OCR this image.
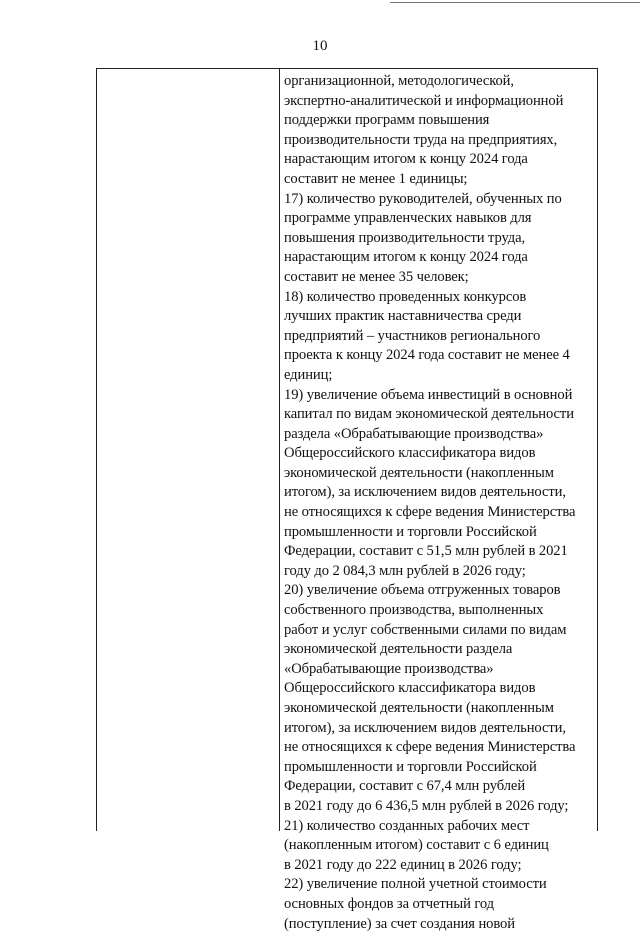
10
организационной, методологической,
экспертно-аналитической и информационной
поддержки программ повышения
производительности труда на предприятиях,
нарастающим итогом к концу 2024 года
составит не менее 1 единицы;
17) количество руководителей, обученных по
программе управленческих навыков для
повышения производительности труда,
нарастающим итогом к концу 2024 года
составит не менее 35 человек;
18) количество проведенных конкурсов
лучших практик наставничества среди
предприятий – участников регионального
проекта к концу 2024 года составит не менее 4
единиц;
19) увеличение объема инвестиций в основной
капитал по видам экономической деятельности
раздела «Обрабатывающие производства»
Общероссийского классификатора видов
экономической деятельности (накопленным
итогом), за исключением видов деятельности,
не относящихся к сфере ведения Министерства
промышленности и торговли Российской
Федерации, составит с 51,5 млн рублей в 2021
году до 2 084,3 млн рублей в 2026 году;
20) увеличение объема отгруженных товаров
собственного производства, выполненных
работ и услуг собственными силами по видам
экономической деятельности раздела
«Обрабатывающие производства»
Общероссийского классификатора видов
экономической деятельности (накопленным
итогом), за исключением видов деятельности,
не относящихся к сфере ведения Министерства
промышленности и торговли Российской
Федерации, составит с 67,4 млн рублей
в 2021 году до 6 436,5 млн рублей в 2026 году;
21) количество созданных рабочих мест
(накопленным итогом) составит с 6 единиц
в 2021 году до 222 единиц в 2026 году;
22) увеличение полной учетной стоимости
основных фондов за отчетный год
(поступление) за счет создания новой
